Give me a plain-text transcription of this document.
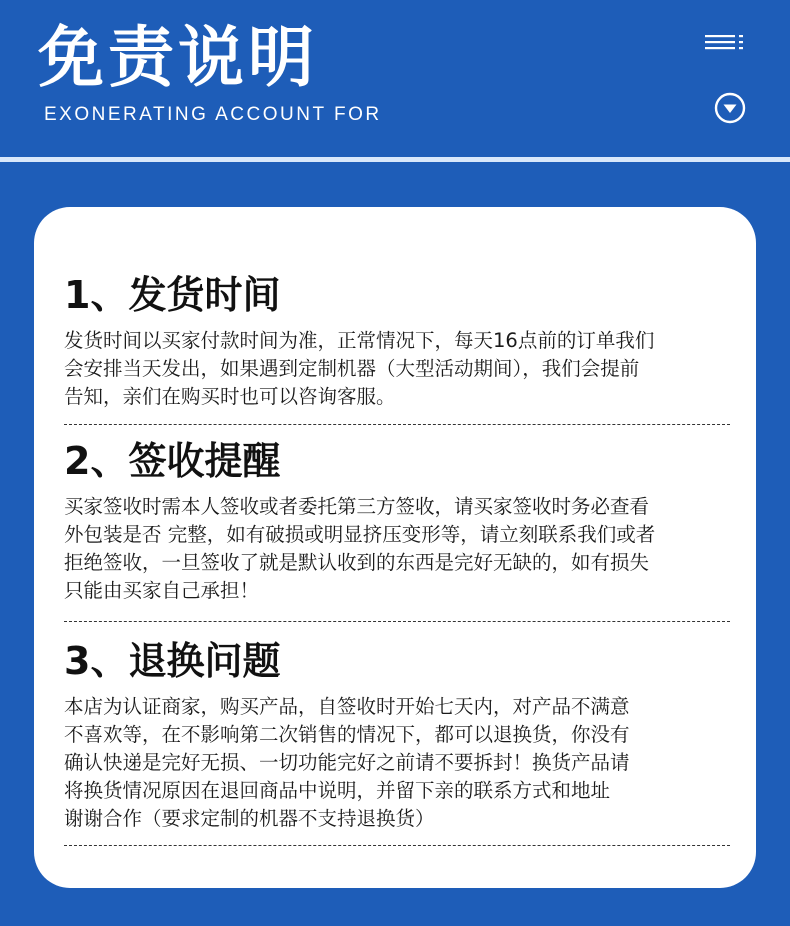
免责说明
EXONERATING ACCOUNT FOR
1、发货时间
发货时间以买家付款时间为准，正常情况下，每天16点前的订单我们
会安排当天发出，如果遇到定制机器（大型活动期间），我们会提前
告知，亲们在购买时也可以咨询客服。
2、签收提醒
买家签收时需本人签收或者委托第三方签收，请买家签收时务必查看
外包装是否 完整，如有破损或明显挤压变形等，请立刻联系我们或者
拒绝签收，一旦签收了就是默认收到的东西是完好无缺的，如有损失
只能由买家自己承担！
3、退换问题
本店为认证商家，购买产品，自签收时开始七天内，对产品不满意
不喜欢等，在不影响第二次销售的情况下，都可以退换货，你没有
确认快递是完好无损、一切功能完好之前请不要拆封！换货产品请
将换货情况原因在退回商品中说明，并留下亲的联系方式和地址
谢谢合作（要求定制的机器不支持退换货）
